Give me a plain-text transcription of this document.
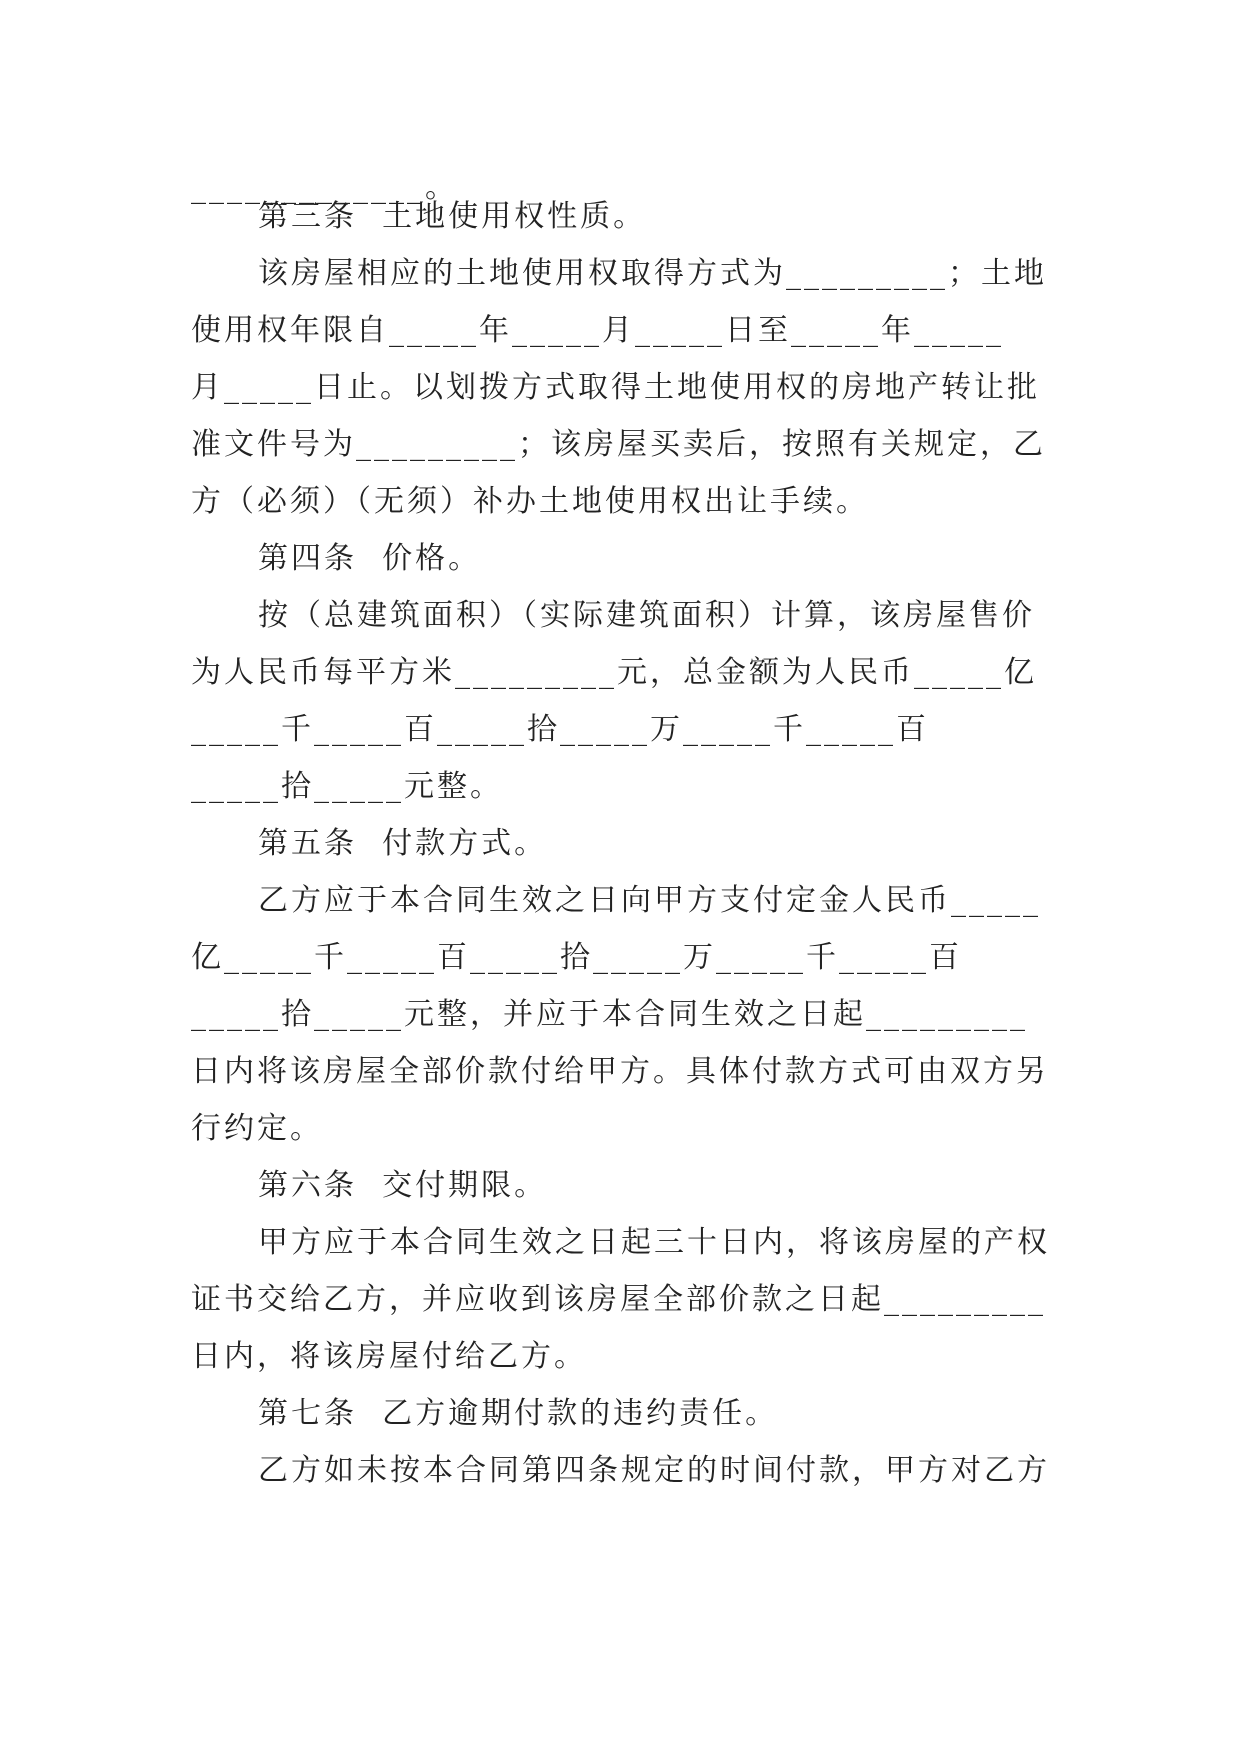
_____________。
第三条  土地使用权性质。
该房屋相应的土地使用权取得方式为_________；土地
使用权年限自_____年_____月_____日至_____年_____
月_____日止。以划拨方式取得土地使用权的房地产转让批
准文件号为_________；该房屋买卖后，按照有关规定，乙
方（必须）（无须）补办土地使用权出让手续。
第四条  价格。
按（总建筑面积）（实际建筑面积）计算，该房屋售价
为人民币每平方米_________元，总金额为人民币_____亿
_____千_____百_____拾_____万_____千_____百
_____拾_____元整。
第五条  付款方式。
乙方应于本合同生效之日向甲方支付定金人民币_____
亿_____千_____百_____拾_____万_____千_____百
_____拾_____元整，并应于本合同生效之日起_________
日内将该房屋全部价款付给甲方。具体付款方式可由双方另
行约定。
第六条  交付期限。
甲方应于本合同生效之日起三十日内，将该房屋的产权
证书交给乙方，并应收到该房屋全部价款之日起_________
日内，将该房屋付给乙方。
第七条  乙方逾期付款的违约责任。
乙方如未按本合同第四条规定的时间付款，甲方对乙方
